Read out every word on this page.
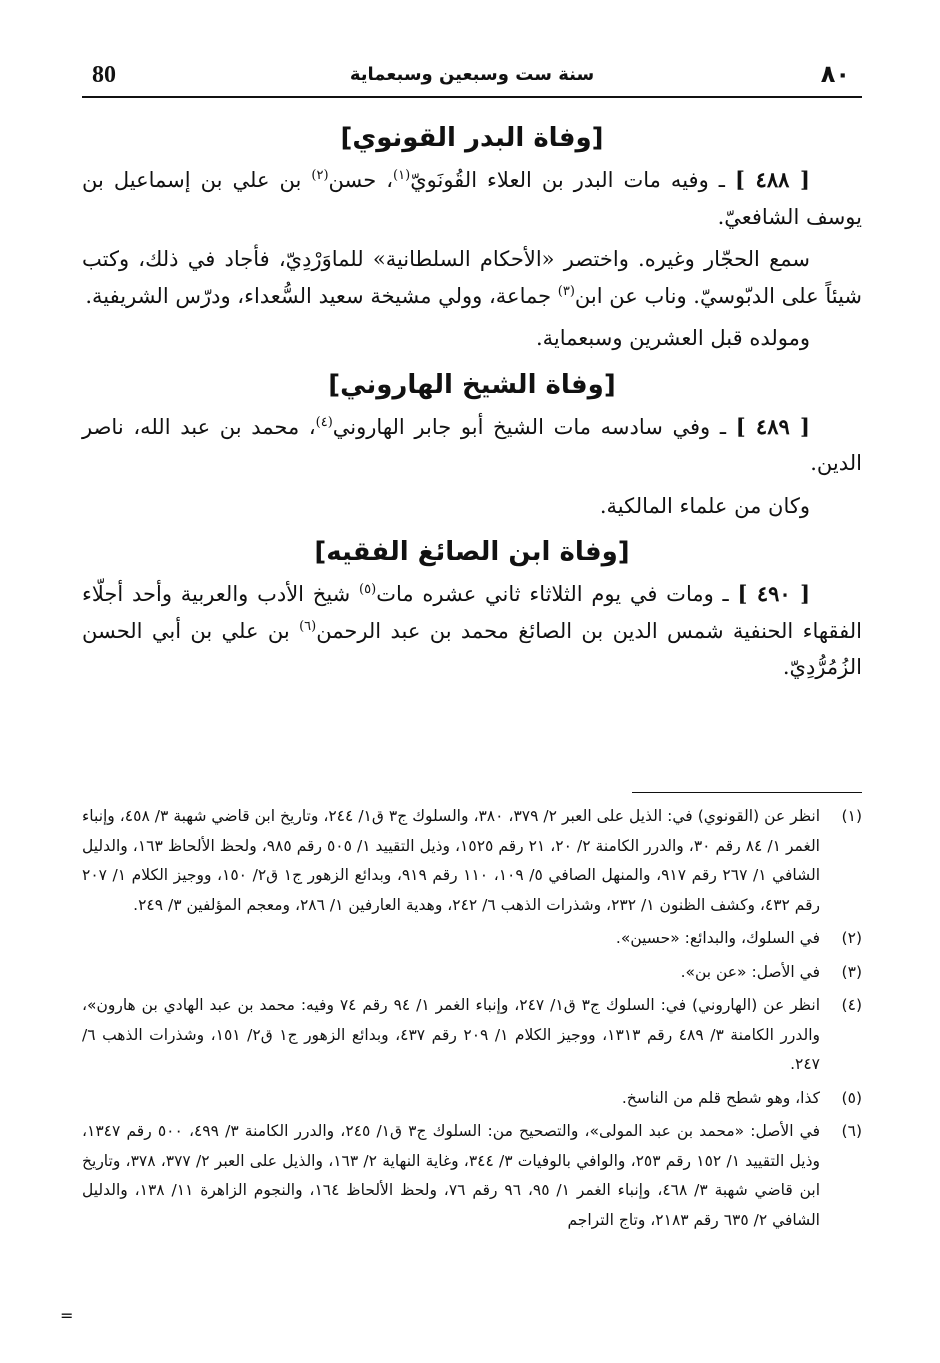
80	سنة ست وسبعين وسبعماية	٨٠
[وفاة البدر القونوي]

[ ٤٨٨ ] ـ وفيه مات البدر بن العلاء القُونَويّ$^{(١)}$، حسن$^{(٢)}$ بن علي بن إسماعيل بن يوسف الشافعيّ.

سمع الحجّار وغيره. واختصر «الأحكام السلطانية» للماوَرْدِيّ، فأجاد في ذلك، وكتب شيئاً على الدبّوسيّ. وناب عن ابن$^{(٣)}$ جماعة، وولي مشيخة سعيد السُّعداء، ودرّس الشريفية.

ومولده قبل العشرين وسبعماية.

[وفاة الشيخ الهاروني]

[ ٤٨٩ ] ـ وفي سادسه مات الشيخ أبو جابر الهاروني$^{(٤)}$، محمد بن عبد الله، ناصر الدين.

وكان من علماء المالكية.

[وفاة ابن الصائغ الفقيه]

[ ٤٩٠ ] ـ ومات في يوم الثلاثاء ثاني عشره مات$^{(٥)}$ شيخ الأدب والعربية وأحد أجلّاء الفقهاء الحنفية شمس الدين بن الصائغ محمد بن عبد الرحمن$^{(٦)}$ بن علي بن أبي الحسن الزُمُرُّدِيّ.

(١)
انظر عن (القونوي) في: الذيل على العبر ٢/ ٣٧٩، ٣٨٠، والسلوك ج٣ ق١/ ٢٤٤، وتاريخ ابن قاضي شهبة ٣/ ٤٥٨، وإنباء الغمر ١/ ٨٤ رقم ٣٠، والدرر الكامنة ٢/ ٢٠، ٢١ رقم ١٥٢٥، وذيل التقييد ١/ ٥٠٥ رقم ٩٨٥، ولحظ الألحاظ ١٦٣، والدليل الشافي ١/ ٢٦٧ رقم ٩١٧، والمنهل الصافي ٥/ ١٠٩، ١١٠ رقم ٩١٩، وبدائع الزهور ج١ ق٢/ ١٥٠، ووجيز الكلام ١/ ٢٠٧ رقم ٤٣٢، وكشف الظنون ١/ ٢٣٢، وشذرات الذهب ٦/ ٢٤٢، وهدية العارفين ١/ ٢٨٦، ومعجم المؤلفين ٣/ ٢٤٩.
(٢)
في السلوك، والبدائع: «حسين».
(٣)
في الأصل: «عن بن».
(٤)
انظر عن (الهاروني) في: السلوك ج٣ ق١/ ٢٤٧، وإنباء الغمر ١/ ٩٤ رقم ٧٤ وفيه: محمد بن عبد الهادي بن هارون»، والدرر الكامنة ٣/ ٤٨٩ رقم ١٣١٣، ووجيز الكلام ١/ ٢٠٩ رقم ٤٣٧، وبدائع الزهور ج١ ق٢/ ١٥١، وشذرات الذهب ٦/ ٢٤٧.
(٥)
كذا، وهو شطح قلم من الناسخ.
(٦)
في الأصل: «محمد بن عبد المولى»، والتصحيح من: السلوك ج٣ ق١/ ٢٤٥، والدرر الكامنة ٣/ ٤٩٩، ٥٠٠ رقم ١٣٤٧، وذيل التقييد ١/ ١٥٢ رقم ٢٥٣، والوافي بالوفيات ٣/ ٣٤٤، وغاية النهاية ٢/ ١٦٣، والذيل على العبر ٢/ ٣٧٧، ٣٧٨، وتاريخ ابن قاضي شهبة ٣/ ٤٦٨، وإنباء الغمر ١/ ٩٥، ٩٦ رقم ٧٦، ولحظ الألحاظ ١٦٤، والنجوم الزاهرة ١١/ ١٣٨، والدليل الشافي ٢/ ٦٣٥ رقم ٢١٨٣، وتاج التراجم
=
